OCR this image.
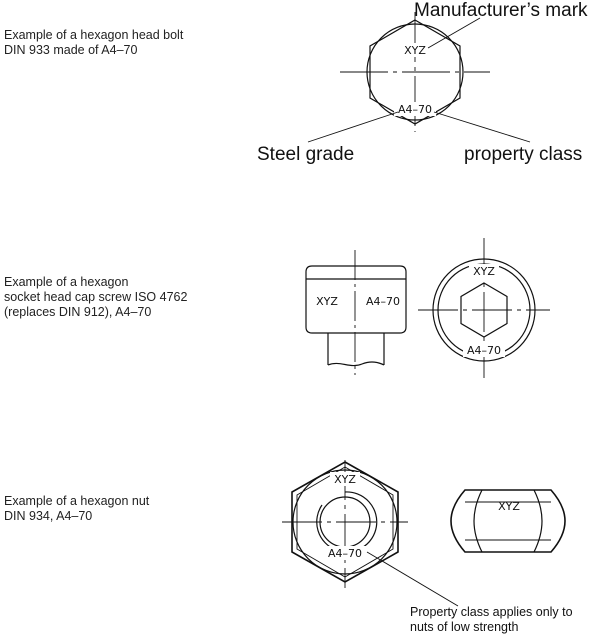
Example of a hexagon head bolt
DIN 933 made of A4–70
Example of a hexagon
socket head cap screw ISO 4762
(replaces DIN 912), A4–70
Example of a hexagon nut
DIN 934, A4–70
XYZ
A4–70
Manufacturer’s mark
Steel grade	property class
XYZ	A4–70
XYZ
A4–70
XYZ
A4–70
XYZ
Property class applies only to
nuts of low strength
